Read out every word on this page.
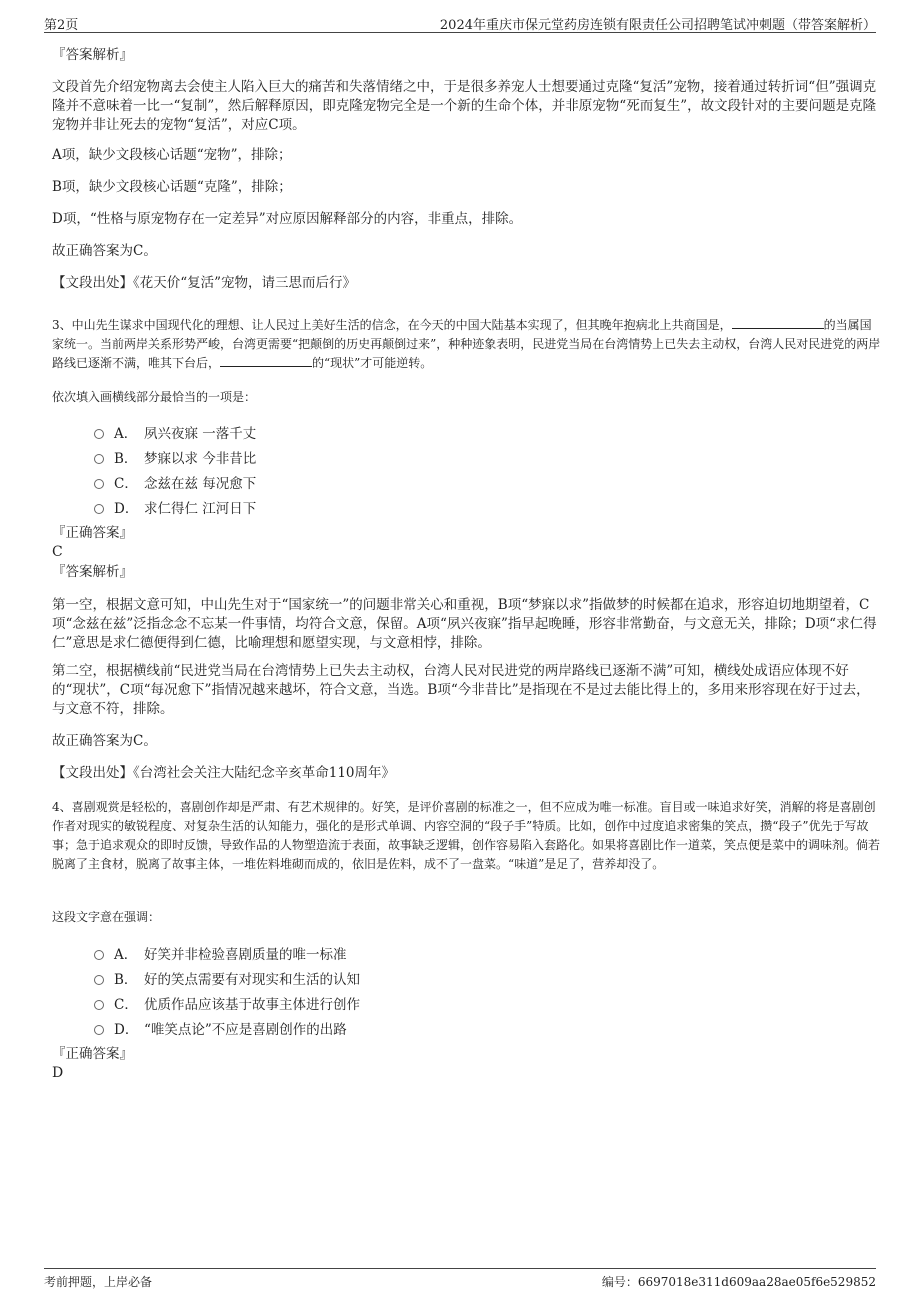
第2页	2024年重庆市保元堂药房连锁有限责任公司招聘笔试冲刺题（带答案解析）

『答案解析』

文段首先介绍宠物离去会使主人陷入巨大的痛苦和失落情绪之中，于是很多养宠人士想要通过克隆“复活”宠物，接着通过转折词“但”强调克隆并不意味着一比一“复制”，然后解释原因，即克隆宠物完全是一个新的生命个体，并非原宠物“死而复生”，故文段针对的主要问题是克隆宠物并非让死去的宠物“复活”，对应C项。

A项，缺少文段核心话题“宠物”，排除；

B项，缺少文段核心话题“克隆”，排除；

D项，“性格与原宠物存在一定差异”对应原因解释部分的内容，非重点，排除。

故正确答案为C。

【文段出处】《花天价“复活”宠物，请三思而后行》

3、中山先生谋求中国现代化的理想、让人民过上美好生活的信念，在今天的中国大陆基本实现了，但其晚年抱病北上共商国是，	的当属国家统一。当前两岸关系形势严峻，台湾更需要“把颠倒的历史再颠倒过来”，种种迹象表明，民进党当局在台湾情势上已失去主动权，台湾人民对民进党的两岸路线已逐渐不满，唯其下台后，	的“现状”才可能逆转。

依次填入画横线部分最恰当的一项是：

A． 夙兴夜寐 一落千丈
B． 梦寐以求 今非昔比
C． 念兹在兹 每况愈下
D． 求仁得仁 江河日下

『正确答案』

C

『答案解析』

第一空，根据文意可知，中山先生对于“国家统一”的问题非常关心和重视，B项“梦寐以求”指做梦的时候都在追求，形容迫切地期望着，C项“念兹在兹”泛指念念不忘某一件事情，均符合文意，保留。A项“夙兴夜寐”指早起晚睡，形容非常勤奋，与文意无关，排除；D项“求仁得仁”意思是求仁德便得到仁德，比喻理想和愿望实现，与文意相悖，排除。

第二空，根据横线前“民进党当局在台湾情势上已失去主动权，台湾人民对民进党的两岸路线已逐渐不满”可知，横线处成语应体现不好的“现状”，C项“每况愈下”指情况越来越坏，符合文意，当选。B项“今非昔比”是指现在不是过去能比得上的，多用来形容现在好于过去，与文意不符，排除。

故正确答案为C。

【文段出处】《台湾社会关注大陆纪念辛亥革命110周年》

4、喜剧观赏是轻松的，喜剧创作却是严肃、有艺术规律的。好笑，是评价喜剧的标准之一，但不应成为唯一标准。盲目或一味追求好笑，消解的将是喜剧创作者对现实的敏锐程度、对复杂生活的认知能力，强化的是形式单调、内容空洞的“段子手”特质。比如，创作中过度追求密集的笑点，攒“段子”优先于写故事；急于追求观众的即时反馈，导致作品的人物塑造流于表面，故事缺乏逻辑，创作容易陷入套路化。如果将喜剧比作一道菜，笑点便是菜中的调味剂。倘若脱离了主食材，脱离了故事主体，一堆佐料堆砌而成的，依旧是佐料，成不了一盘菜。“味道”是足了，营养却没了。

这段文字意在强调：

A． 好笑并非检验喜剧质量的唯一标准
B． 好的笑点需要有对现实和生活的认知
C． 优质作品应该基于故事主体进行创作
D． “唯笑点论”不应是喜剧创作的出路

『正确答案』

D

考前押题，上岸必备	编号：6697018e311d609aa28ae05f6e529852
